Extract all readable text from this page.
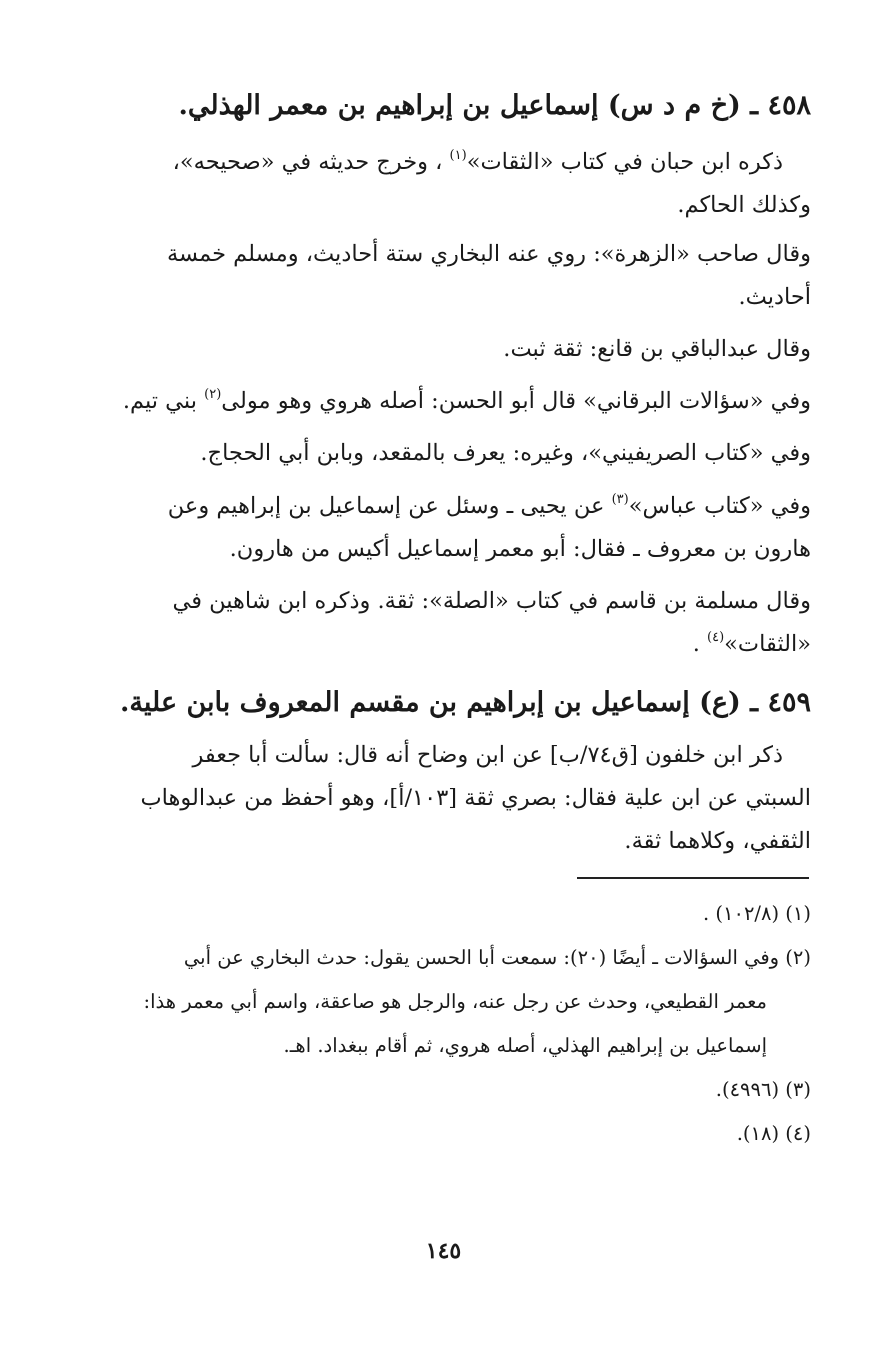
٤٥٨ ـ (خ م د س) إسماعيل بن إبراهيم بن معمر الهذلي.
ذكره ابن حبان في كتاب «الثقات»$^{(١)}$ ، وخرج حديثه في «صحيحه»،
وكذلك الحاكم.
وقال صاحب «الزهرة»: روي عنه البخاري ستة أحاديث، ومسلم خمسة
أحاديث.
وقال عبدالباقي بن قانع: ثقة ثبت.
وفي «سؤالات البرقاني» قال أبو الحسن: أصله هروي وهو مولى$^{(٢)}$ بني تيم.
وفي «كتاب الصريفيني»، وغيره: يعرف بالمقعد، وبابن أبي الحجاج.
وفي «كتاب عباس»$^{(٣)}$ عن يحيى ـ وسئل عن إسماعيل بن إبراهيم وعن
هارون بن معروف ـ فقال: أبو معمر إسماعيل أكيس من هارون.
وقال مسلمة بن قاسم في كتاب «الصلة»: ثقة. وذكره ابن شاهين في
«الثقات»$^{(٤)}$ .
٤٥٩ ـ (ع) إسماعيل بن إبراهيم بن مقسم المعروف بابن علية.
ذكر ابن خلفون [ق٧٤/ب] عن ابن وضاح أنه قال: سألت أبا جعفر
السبتي عن ابن علية فقال: بصري ثقة [١٠٣/أ]، وهو أحفظ من عبدالوهاب
الثقفي، وكلاهما ثقة.
(١) (١٠٢/٨) .
(٢) وفي السؤالات ـ أيضًا (٢٠): سمعت أبا الحسن يقول: حدث البخاري عن أبي
معمر القطيعي، وحدث عن رجل عنه، والرجل هو صاعقة، واسم أبي معمر هذا:
إسماعيل بن إبراهيم الهذلي، أصله هروي، ثم أقام ببغداد. اهـ.
(٣) (٤٩٩٦).
(٤) (١٨).
١٤٥
